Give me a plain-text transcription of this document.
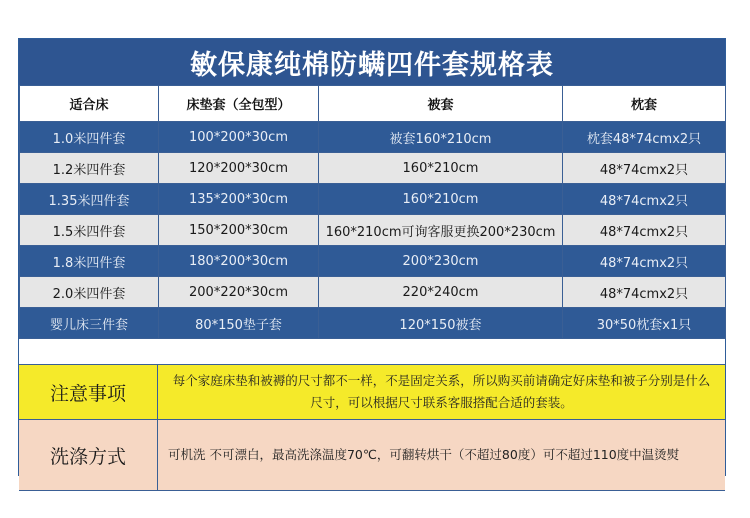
敏保康纯棉防螨四件套规格表
适合床	床垫套（全包型）	被套	枕套
1.0米四件套	100*200*30cm	被套160*210cm	枕套48*74cmx2只
1.2米四件套	120*200*30cm	160*210cm	48*74cmx2只
1.35米四件套	135*200*30cm	160*210cm	48*74cmx2只
1.5米四件套	150*200*30cm	160*210cm可询客服更换200*230cm	48*74cmx2只
1.8米四件套	180*200*30cm	200*230cm	48*74cmx2只
2.0米四件套	200*220*30cm	220*240cm	48*74cmx2只
婴儿床三件套	80*150垫子套	120*150被套	30*50枕套x1只
注意事项
每个家庭床垫和被褥的尺寸都不一样，不是固定关系，所以购买前请确定好床垫和被子分别是什么尺寸，可以根据尺寸联系客服搭配合适的套装。
洗涤方式	可机洗 不可漂白，最高洗涤温度70℃，可翻转烘干（不超过80度）可不超过110度中温烫熨
